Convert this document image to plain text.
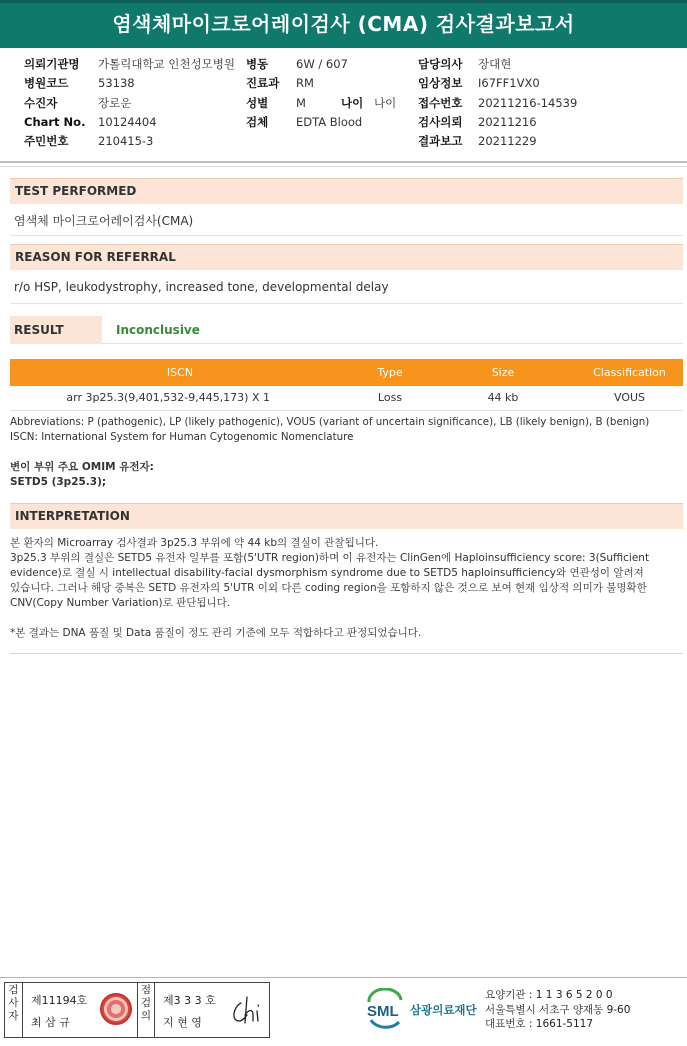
염색체마이크로어레이검사 (CMA) 검사결과보고서
의뢰기관명	가톨릭대학교 인천성모병원
병원코드	53138
수진자	장로운
Chart No.	10124404
주민번호	210415-3
병동	6W / 607
진료과	RM
성별	M	나이 나이
검체	EDTA Blood
담당의사	장대현
임상정보	I67FF1VX0
접수번호	20211216-14539
검사의뢰	20211216
결과보고	20211229
TEST PERFORMED
염색체 마이크로어레이검사(CMA)
REASON FOR REFERRAL
r/o HSP, leukodystrophy, increased tone, developmental delay
RESULT	Inconclusive
ISCN	Type	Size	Classification
arr 3p25.3(9,401,532-9,445,173) X 1	Loss	44 kb	VOUS
Abbreviations: P (pathogenic), LP (likely pathogenic), VOUS (variant of uncertain significance), LB (likely benign), B (benign)
ISCN: International System for Human Cytogenomic Nomenclature
변이 부위 주요 OMIM 유전자:
SETD5 (3p25.3);
INTERPRETATION

본 환자의 Microarray 검사결과 3p25.3 부위에 약 44 kb의 결실이 관찰됩니다.

3p25.3 부위의 결실은 SETD5 유전자 일부를 포함(5'UTR region)하며 이 유전자는 ClinGen에 Haploinsufficiency score: 3(Sufficient

evidence)로 결실 시 intellectual disability-facial dysmorphism syndrome due to SETD5 haploinsufficiency와 연관성이 알려져

있습니다. 그러나 해당 중복은 SETD 유전자의 5'UTR 이외 다른 coding region을 포함하지 않은 것으로 보여 현재 임상적 의미가 불명확한

CNV(Copy Number Variation)로 판단됩니다.

*본 결과는 DNA 품질 및 Data 품질이 정도 관리 기준에 모두 적합하다고 판정되었습니다.

검
사
자
제11194호
최 삼 규
점
검
의
제3 3 3 호
지 현 영
SML 삼광의료재단
요양기관 : 1 1 3 6 5 2 0 0
서울특별시 서초구 양재동 9-60
대표번호 : 1661-5117
